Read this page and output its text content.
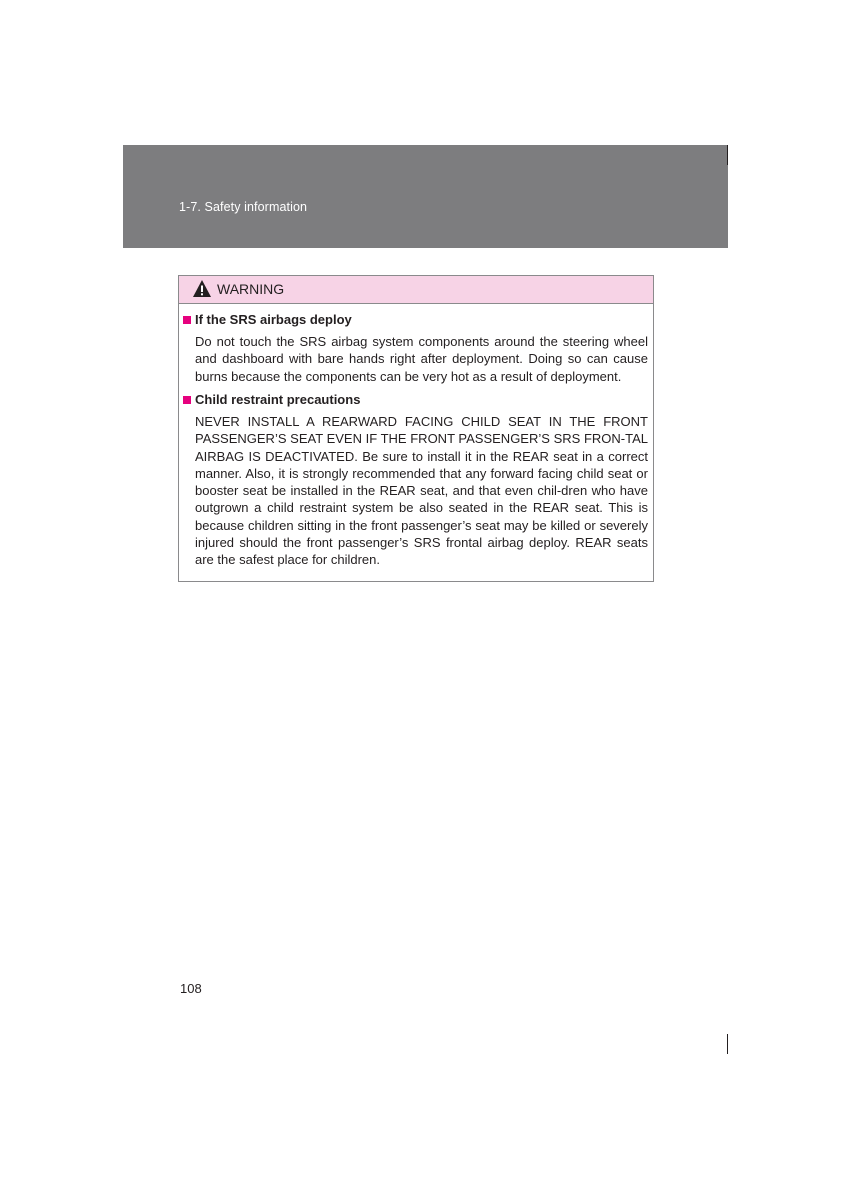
1-7. Safety information
WARNING
If the SRS airbags deploy
Do not touch the SRS airbag system components around the steering wheel and dashboard with bare hands right after deployment. Doing so can cause burns because the components can be very hot as a result of deployment.
Child restraint precautions
NEVER INSTALL A REARWARD FACING CHILD SEAT IN THE FRONT PASSENGER’S SEAT EVEN IF THE FRONT PASSENGER’S SRS FRON-TAL AIRBAG IS DEACTIVATED. Be sure to install it in the REAR seat in a correct manner. Also, it is strongly recommended that any forward facing child seat or booster seat be installed in the REAR seat, and that even chil-dren who have outgrown a child restraint system be also seated in the REAR seat. This is because children sitting in the front passenger’s seat may be killed or severely injured should the front passenger’s SRS frontal airbag deploy. REAR seats are the safest place for children.
108
